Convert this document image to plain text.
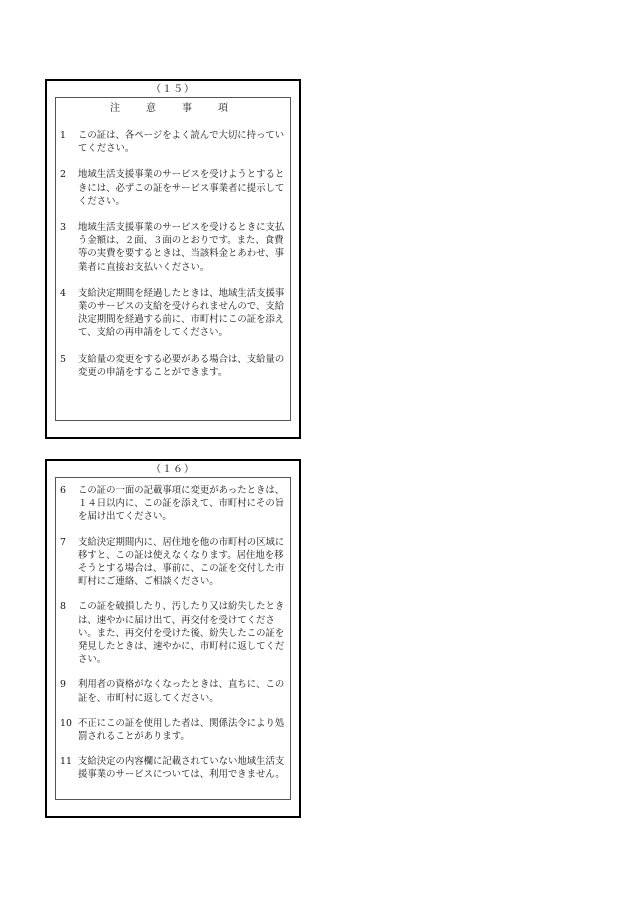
（１５）
注　意　事　項
1	この証は、各ページをよく読んで大切に持っていてください。
2	地域生活支援事業のサービスを受けようとするときには、必ずこの証をサービス事業者に提示してください。
3	地域生活支援事業のサービスを受けるときに支払う金額は、２面、３面のとおりです。また、食費等の実費を要するときは、当該料金とあわせ、事業者に直接お支払いください。
4	支給決定期間を経過したときは、地域生活支援事業のサービスの支給を受けられませんので、支給決定期間を経過する前に、市町村にこの証を添えて、支給の再申請をしてください。
5	支給量の変更をする必要がある場合は、支給量の変更の申請をすることができます。
（１６）
6	この証の一面の記載事項に変更があったときは、１４日以内に、この証を添えて、市町村にその旨を届け出てください。
7	支給決定期間内に、居住地を他の市町村の区域に移すと、この証は使えなくなります。居住地を移そうとする場合は、事前に、この証を交付した市町村にご連絡、ご相談ください。
8	この証を破損したり、汚したり又は紛失したときは、速やかに届け出て、再交付を受けてください。また、再交付を受けた後、紛失したこの証を発見したときは、速やかに、市町村に返してください。
9	利用者の資格がなくなったときは、直ちに、この証を、市町村に返してください。
10 不正にこの証を使用した者は、関係法令により処罰されることがあります。
11 支給決定の内容欄に記載されていない地域生活支援事業のサービスについては、利用できません。
